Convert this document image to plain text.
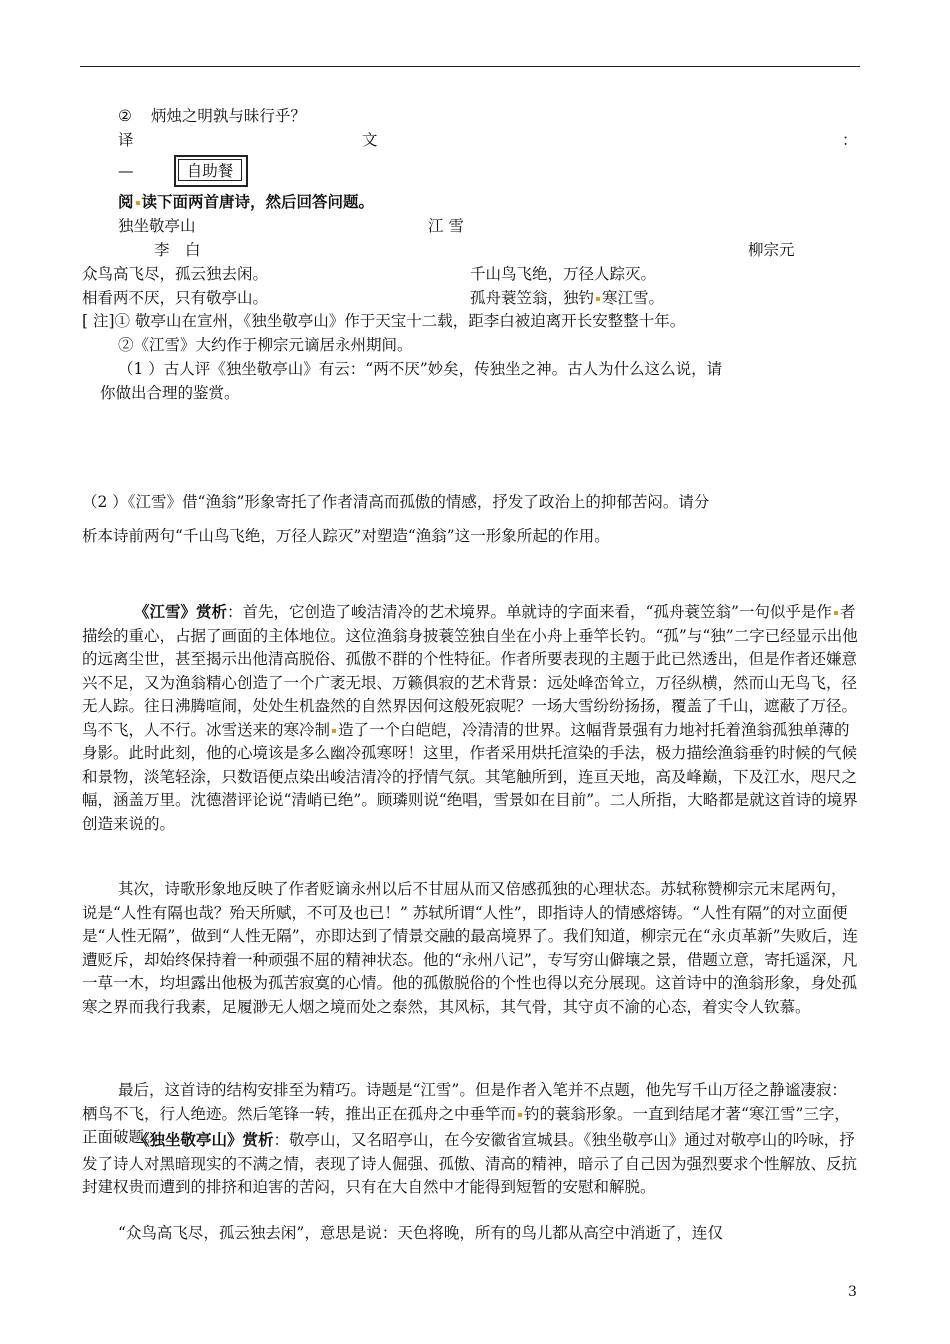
② 炳烛之明孰与昧行乎？
译	文	：
—	自助餐
阅 读下面两首唐诗，然后回答问题。
独坐敬亭山	江 雪
李　白	柳宗元
众鸟高飞尽，孤云独去闲。	千山鸟飞绝，万径人踪灭。
相看两不厌，只有敬亭山。	孤舟蓑笠翁，独钓 寒江雪。
[ 注]① 敬亭山在宣州，《独坐敬亭山》作于天宝十二载，距李白被迫离开长安整整十年。
②《江雪》大约作于柳宗元谪居永州期间。
（1 ）古人评《独坐敬亭山》有云：“两不厌”妙矣，传独坐之神。古人为什么这么说，请
你做出合理的鉴赏。
（2 ）《江雪》借“渔翁”形象寄托了作者清高而孤傲的情感，抒发了政治上的抑郁苦闷。请分
析本诗前两句“千山鸟飞绝，万径人踪灭”对塑造“渔翁”这一形象所起的作用。

《江雪》赏析：首先，它创造了峻洁清冷的艺术境界。单就诗的字面来看，“孤舟蓑笠翁”一句似乎是作 者描绘的重心，占据了画面的主体地位。这位渔翁身披蓑笠独自坐在小舟上垂竿长钓。“孤”与“独”二字已经显示出他的远离尘世，甚至揭示出他清高脱俗、孤傲不群的个性特征。作者所要表现的主题于此已然透出，但是作者还嫌意兴不足，又为渔翁精心创造了一个广袤无垠、万籁俱寂的艺术背景：远处峰峦耸立，万径纵横，然而山无鸟飞，径无人踪。往日沸腾喧闹，处处生机盎然的自然界因何这般死寂呢？一场大雪纷纷扬扬，覆盖了千山，遮蔽了万径。鸟不飞，人不行。冰雪送来的寒冷制 造了一个白皑皑，冷清清的世界。这幅背景强有力地衬托着渔翁孤独单薄的身影。此时此刻，他的心境该是多么幽冷孤寒呀！这里，作者采用烘托渲染的手法，极力描绘渔翁垂钓时候的气候和景物，淡笔轻涂，只数语便点染出峻洁清冷的抒情气氛。其笔触所到，连亘天地，高及峰巅，下及江水，咫尺之幅，涵盖万里。沈德潜评论说“清峭已绝”。顾璘则说“绝唱，雪景如在目前”。二人所指，大略都是就这首诗的境界创造来说的。

其次，诗歌形象地反映了作者贬谪永州以后不甘屈从而又倍感孤独的心理状态。苏轼称赞柳宗元末尾两句，说是“人性有隔也哉？殆天所赋，不可及也已！” 苏轼所谓“人性”，即指诗人的情感熔铸。“人性有隔”的对立面便是“人性无隔”，做到“人性无隔”，亦即达到了情景交融的最高境界了。我们知道，柳宗元在“永贞革新”失败后，连遭贬斥，却始终保持着一种顽强不屈的精神状态。他的“永州八记”，专写穷山僻壤之景，借题立意，寄托遥深，凡一草一木，均坦露出他极为孤苦寂寞的心情。他的孤傲脱俗的个性也得以充分展现。这首诗中的渔翁形象，身处孤寒之界而我行我素，足履渺无人烟之境而处之泰然，其风标，其气骨，其守贞不渝的心态，着实令人钦慕。

最后，这首诗的结构安排至为精巧。诗题是“江雪”。但是作者入笔并不点题，他先写千山万径之静谧凄寂：栖鸟不飞，行人绝迹。然后笔锋一转，推出正在孤舟之中垂竿而 钓的蓑翁形象。一直到结尾才著“寒江雪”三字，正面破题。

《独坐敬亭山》赏析：敬亭山，又名昭亭山，在今安徽省宣城县。《独坐敬亭山》通过对敬亭山的吟咏，抒发了诗人对黑暗现实的不满之情，表现了诗人倔强、孤傲、清高的精神，暗示了自己因为强烈要求个性解放、反抗封建权贵而遭到的排挤和迫害的苦闷，只有在大自然中才能得到短暂的安慰和解脱。

“众鸟高飞尽，孤云独去闲”，意思是说：天色将晚，所有的鸟儿都从高空中消逝了，连仅

3
